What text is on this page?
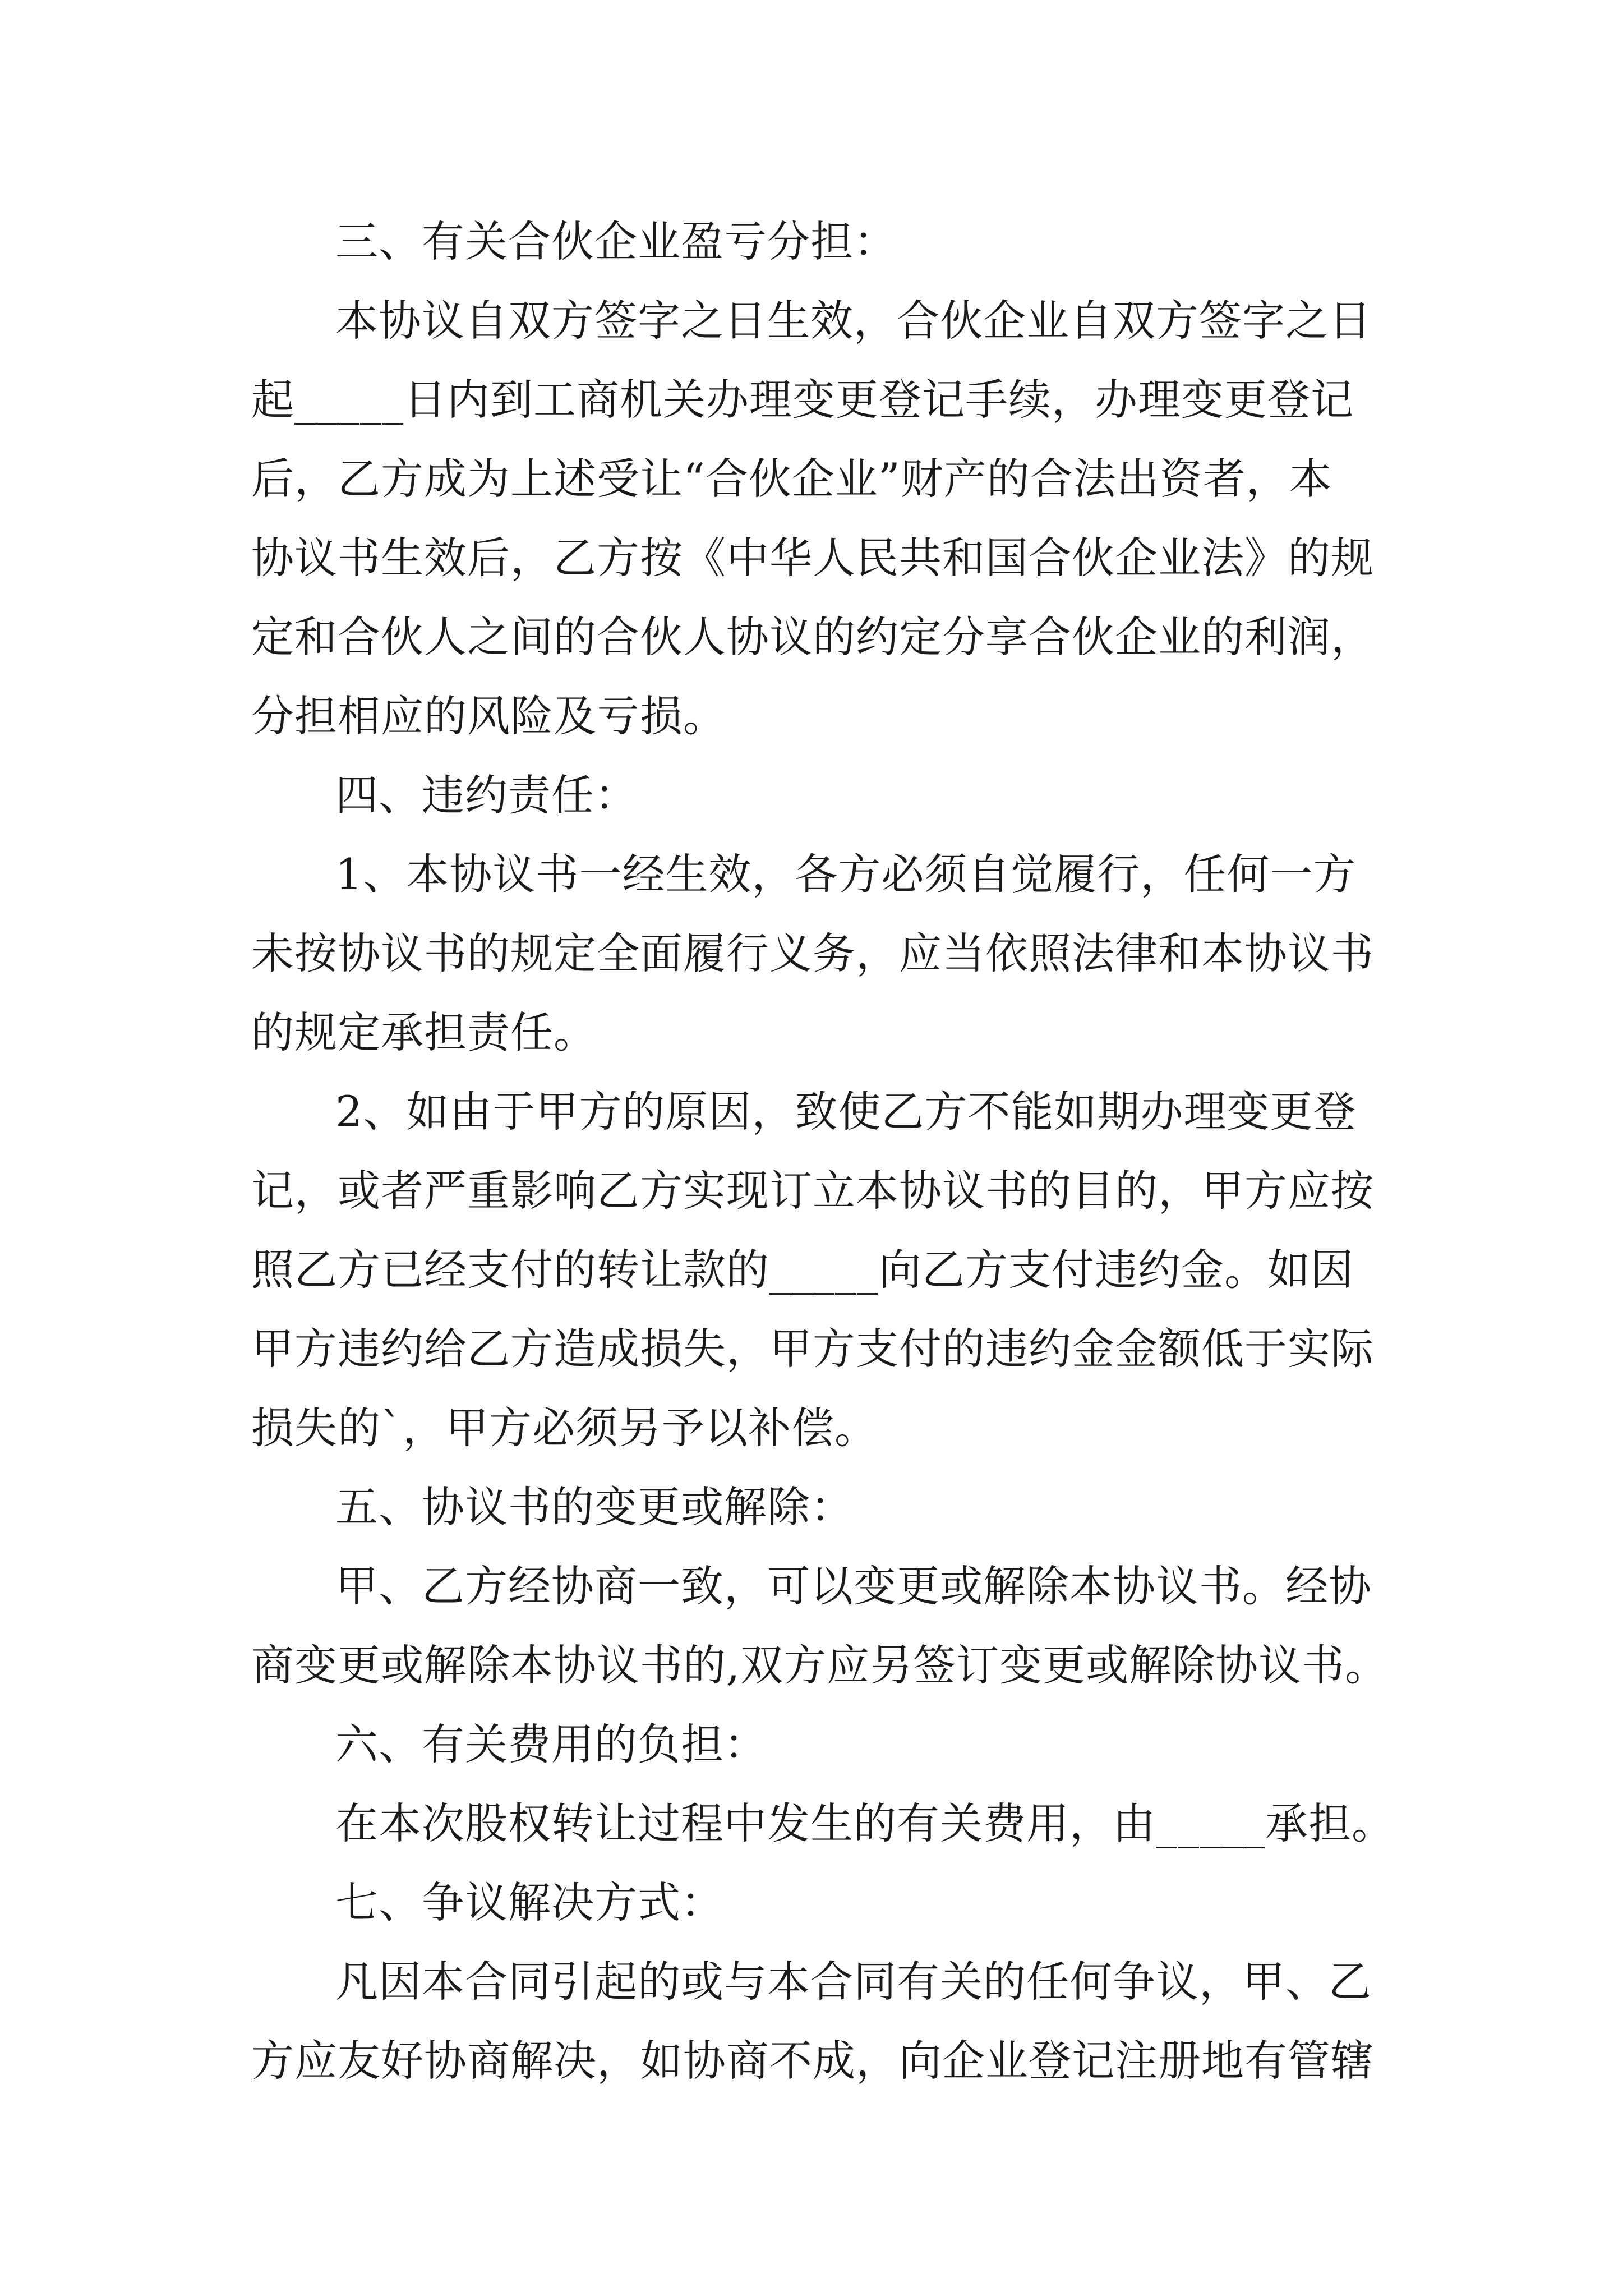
三、有关合伙企业盈亏分担：
本协议自双方签字之日生效，合伙企业自双方签字之日
起_____日内到工商机关办理变更登记手续，办理变更登记
后，乙方成为上述受让“合伙企业”财产的合法出资者，本
协议书生效后，乙方按《中华人民共和国合伙企业法》的规
定和合伙人之间的合伙人协议的约定分享合伙企业的利润，
分担相应的风险及亏损。
四、违约责任：
1、本协议书一经生效，各方必须自觉履行，任何一方
未按协议书的规定全面履行义务，应当依照法律和本协议书
的规定承担责任。
2、如由于甲方的原因，致使乙方不能如期办理变更登
记，或者严重影响乙方实现订立本协议书的目的，甲方应按
照乙方已经支付的转让款的_____向乙方支付违约金。如因
甲方违约给乙方造成损失，甲方支付的违约金金额低于实际
损失的`，甲方必须另予以补偿。
五、协议书的变更或解除：
甲、乙方经协商一致，可以变更或解除本协议书。经协
商变更或解除本协议书的,双方应另签订变更或解除协议书。
六、有关费用的负担：
在本次股权转让过程中发生的有关费用，由_____承担。
七、争议解决方式：
凡因本合同引起的或与本合同有关的任何争议，甲、乙
方应友好协商解决，如协商不成，向企业登记注册地有管辖
